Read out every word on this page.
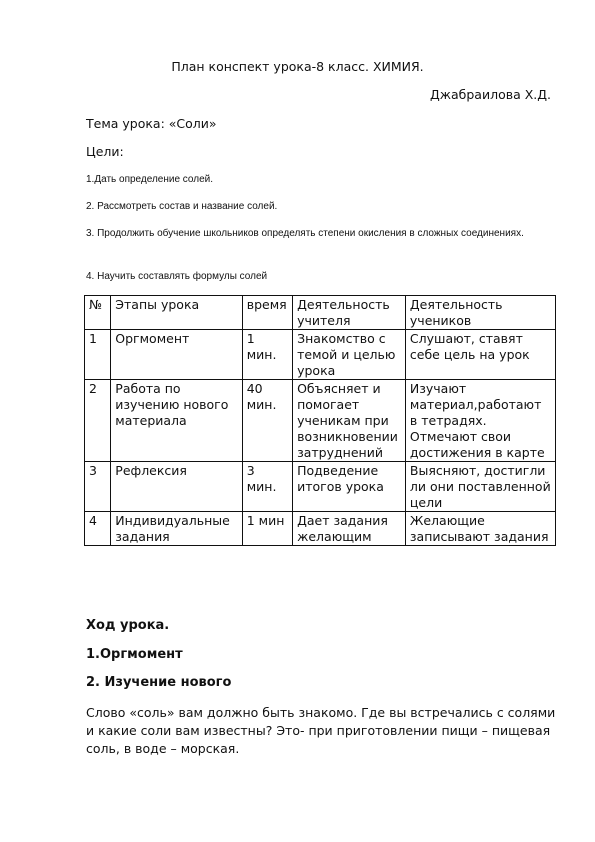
План конспект урока-8 класс. ХИМИЯ.
Джабраилова Х.Д.
Тема урока: «Соли»
Цели:
1.Дать определение солей.
2. Рассмотреть состав и название солей.
3. Продолжить обучение школьников определять степени окисления в сложных соединениях.
4. Научить составлять формулы солей
№	Этапы урока	время	Деятельность учителя	Деятельность учеников
1	Оргмомент	1 мин.	Знакомство с темой и целью урока	Слушают, ставят себе цель на урок
2	Работа по изучению нового материала	40 мин.	Объясняет и помогает ученикам при возникновении затруднений	Изучают материал,работают в тетрадях. Отмечают свои достижения в карте
3	Рефлексия	3 мин.	Подведение итогов урока	Выясняют, достигли ли они поставленной цели
4	Индивидуальные задания	1 мин	Дает задания желающим	Желающие записывают задания
Ход урока.
1.Оргмомент
2. Изучение нового
Слово «соль» вам должно быть знакомо. Где вы встречались с солями и какие соли вам известны? Это- при приготовлении пищи – пищевая соль, в воде – морская.
